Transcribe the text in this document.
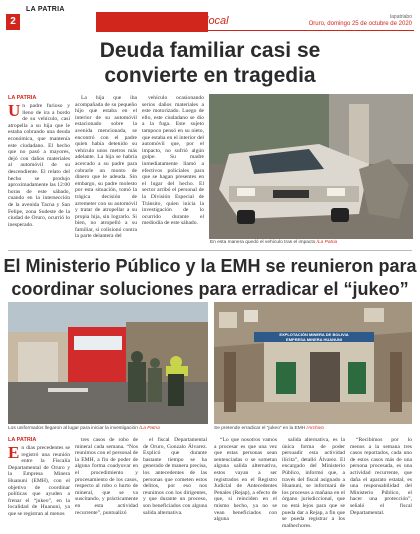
2
LA PATRIA
Policial	local	lapatriabo
Oruro, domingo 25 de octubre de 2020
Deuda familiar casi se
convierte en tragedia
LA PATRIA
Un padre furioso y lleno de ira a bordo de su vehículo, casi atropella a su hija que le estaba cobrando una deuda económica, que mantenía este ciudadano. El hecho que no pasó a mayores, dejó con daños materiales al automóvil de su descendiente. El relato del hecho se produjo aproximadamente las 12:00 horas de este sábado, cuando en la intersección de la avenida Tacna y San Felipe, zona Sudeste de la ciudad de Oruro, ocurrió lo inesperado.

La hija que iba acompañada de su pequeño hijo que estaba en el interior de su automóvil estacionado sobre la avenida mencionada, se encontró con el padre quien había detenido su vehículo unos metros más adelante. La hija se habría acercado a su padre para cobrarle un monto de dinero que le adeuda. Sin embargo, su padre molesto por esta situación, tomó la trágica decisión de arremeter con su automóvil y tratar de atropellar a su propia hija, sin lograrlo. Si bien, no atropelló a su familiar, sí colisionó contra la parte delantera del

vehículo ocasionando serios daños materiales a este motorizado. Luego de ello, este ciudadano se dio a la fuga. Este sujeto tampoco pensó en su nieto, que estaba en el interior del automóvil que, por el impacto, no sufrió algún golpe. Su madre inmediatamente llamó a efectivos policiales para que se hagan presentes en el lugar del hecho. El sector arribó el personal de la División Especial de Tránsito, quien inicia la investigación de lo ocurrido durante el mediodía de este sábado.

En esta manera quedó el vehículo tras el impacto /La Patria
El Ministerio Público y la EMH se reunieron para
coordinar soluciones para erradicar el “jukeo”
Los uniformados llegaron al lugar para iniciar la investigación /La Patria
EXPLOTACIÓN MINERA DE BOLIVIA
EMPRESA MINERA HUANUNI
Se pretende erradicar el “jukeo” en la EMH /Archivo
LA PATRIA
En días precedentes se registró una reunión entre la Fiscalía Departamental de Oruro y la Empresa Minera Huanuni (EMH), con el objetivo de coordinar políticas que ayuden a frenar el “jukeo”, en la localidad de Huanuni, ya que se registran al menos

tres casos de robo de mineral cada semana. “Nos reunimos con el personal de la EMH, a fin de poder de alguna forma coadyuvar en el procedimiento y procesamiento de los casos, respecto al robo o hurto de mineral, que se va suscitando, y prácticamente en esta actividad recurrente”, puntualizó

el fiscal Departamental de Oruro, Gonzalo Álvarez. Explicó que durante bastante tiempo se ha generado de manera precisa, los antecedentes de las personas que cometen estos delitos, por eso nos reunimos con los dirigentes, y que durante un proceso, son beneficiados con alguna salida alternativa.

“Lo que nosotros vamos a procesar es que una vez que estas personas sean sentenciadas o se sometan alguna salida alternativa, estos vayan a ser registrados en el Registro Judicial de Antecedentes Penales (Rejap), a efecto de que, si reinciden en el mismo hecho, ya no se vean beneficiados con alguna

salida alternativa, es la única forma de poder persuadir esta actividad ilícita”, detalló Álvarez. El encargado del Ministerio Público, informó que, a través del fiscal asignado a Huanuni, se informará de los procesos a mañana en el órgano jurisdiccional, que no está lejos para que se pueda dar a Rejap, a fin que se pueda registrar a los malhechores.

“Recibimos por lo menos a la semana tres casos reportados, cada uno de estos casos más de una persona procesada, es una actividad recurrente, que daña el aparato estatal, es una responsabilidad del Ministerio Público, el hacer una protección”, señaló el fiscal Departamental.
